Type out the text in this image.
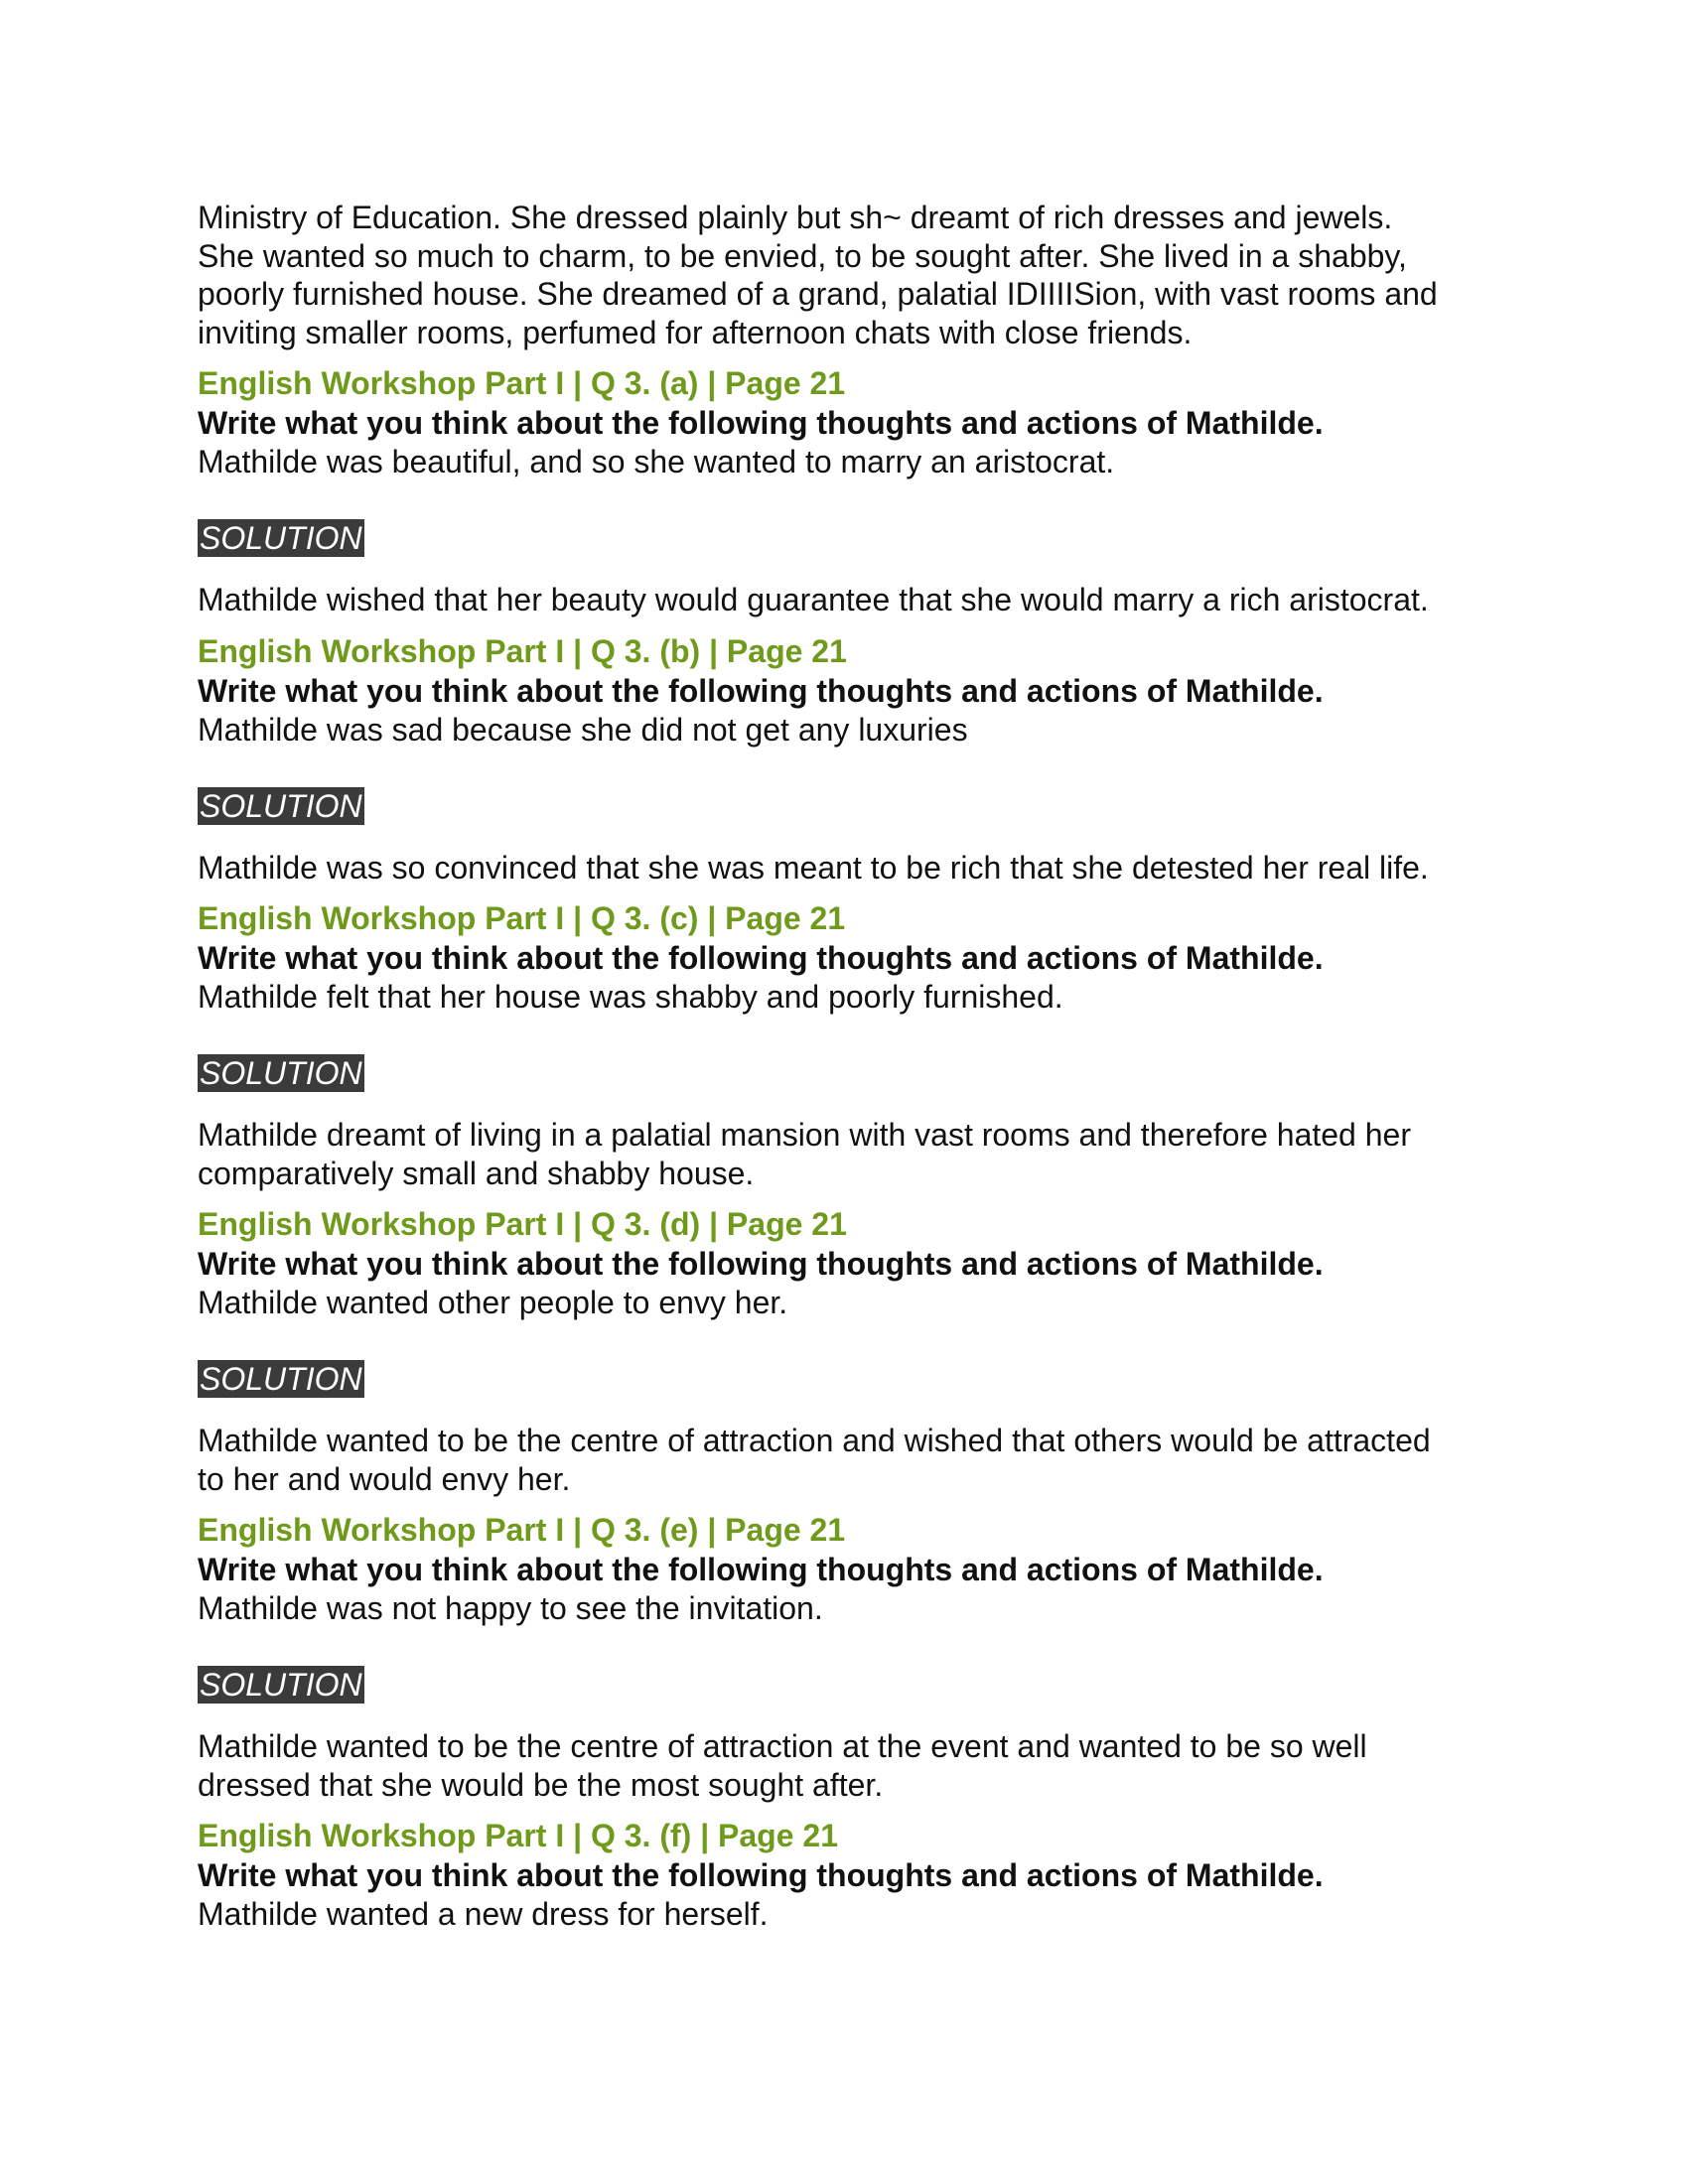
Ministry of Education. She dressed plainly but sh~ dreamt of rich dresses and jewels.
She wanted so much to charm, to be envied, to be sought after. She lived in a shabby,
poorly furnished house. She dreamed of a grand, palatial IDIIIISion, with vast rooms and
inviting smaller rooms, perfumed for afternoon chats with close friends.

English Workshop Part I | Q 3. (a) | Page 21
Write what you think about the following thoughts and actions of Mathilde.
Mathilde was beautiful, and so she wanted to marry an aristocrat.
SOLUTION

Mathilde wished that her beauty would guarantee that she would marry a rich aristocrat.

English Workshop Part I | Q 3. (b) | Page 21
Write what you think about the following thoughts and actions of Mathilde.
Mathilde was sad because she did not get any luxuries
SOLUTION

Mathilde was so convinced that she was meant to be rich that she detested her real life.

English Workshop Part I | Q 3. (c) | Page 21
Write what you think about the following thoughts and actions of Mathilde.
Mathilde felt that her house was shabby and poorly furnished.
SOLUTION

Mathilde dreamt of living in a palatial mansion with vast rooms and therefore hated her
comparatively small and shabby house.

English Workshop Part I | Q 3. (d) | Page 21
Write what you think about the following thoughts and actions of Mathilde.
Mathilde wanted other people to envy her.
SOLUTION

Mathilde wanted to be the centre of attraction and wished that others would be attracted
to her and would envy her.

English Workshop Part I | Q 3. (e) | Page 21
Write what you think about the following thoughts and actions of Mathilde.
Mathilde was not happy to see the invitation.
SOLUTION

Mathilde wanted to be the centre of attraction at the event and wanted to be so well
dressed that she would be the most sought after.

English Workshop Part I | Q 3. (f) | Page 21
Write what you think about the following thoughts and actions of Mathilde.
Mathilde wanted a new dress for herself.
